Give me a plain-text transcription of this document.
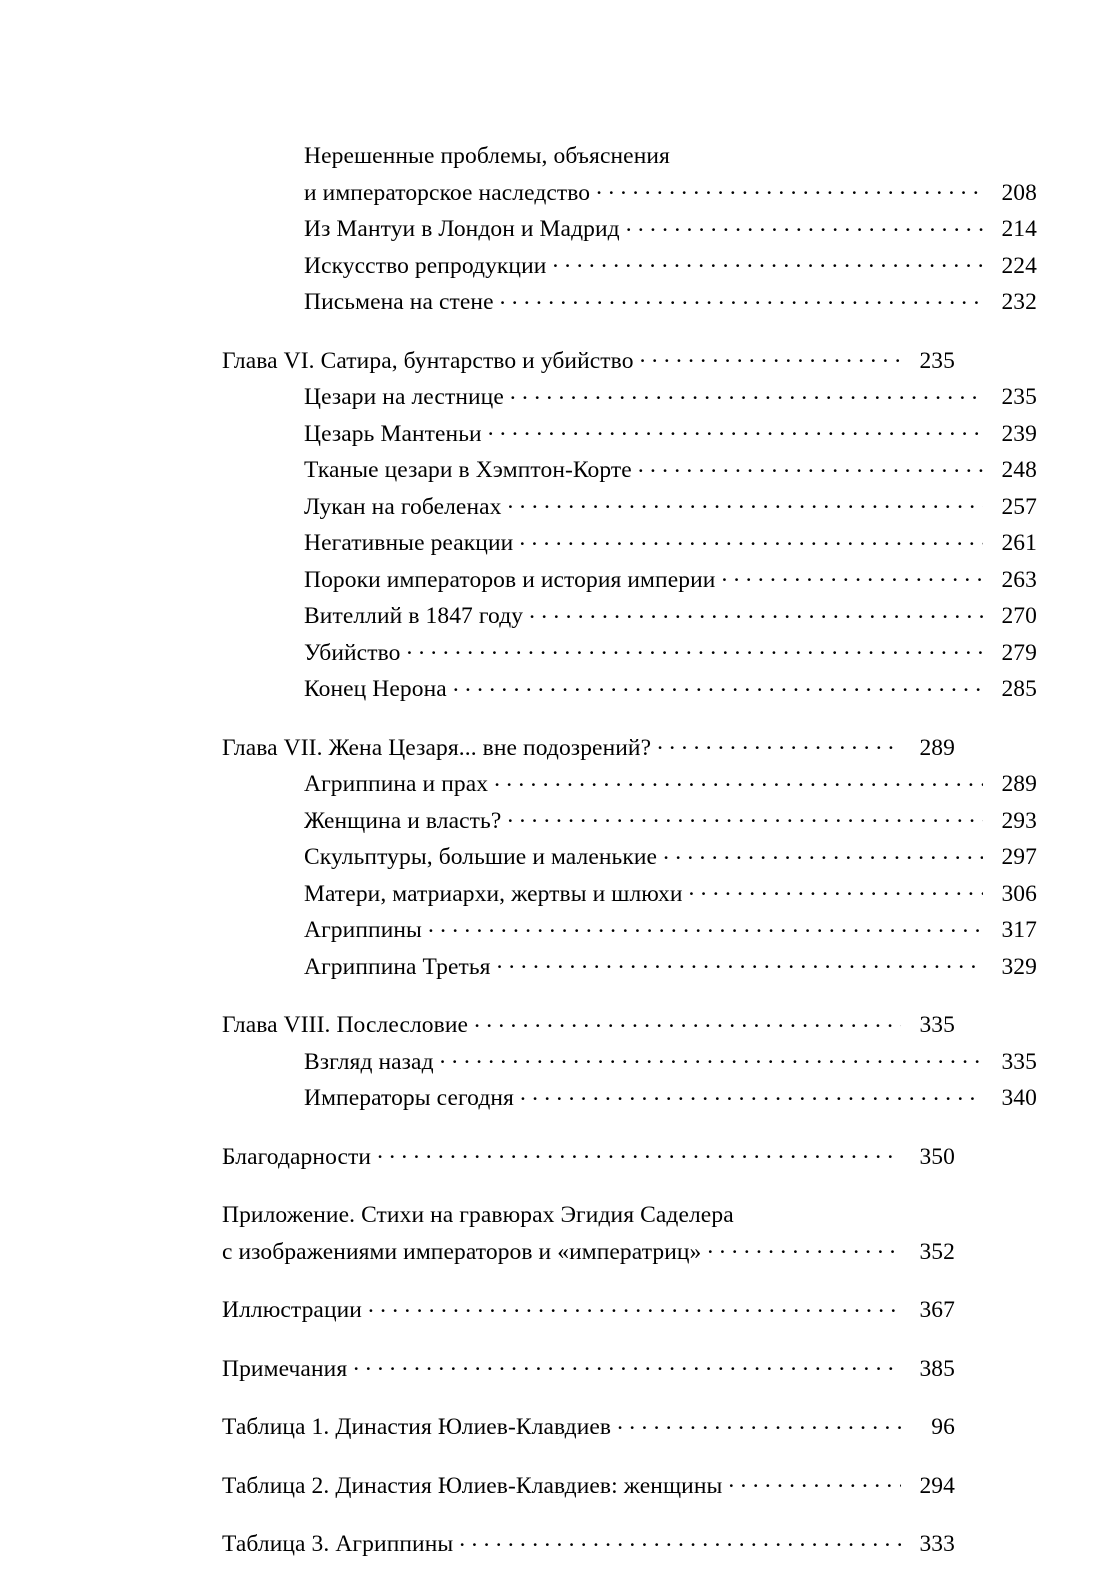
Нерешенные проблемы, объяснения
и императорское наследство . . .	208
Из Мантуи в Лондон и Мадрид . . .	214
Искусство репродукции . . .	224
Письмена на стене . . .	232
Глава VI. Сатира, бунтарство и убийство . . .	235
Цезари на лестнице . . .	235
Цезарь Мантеньи . . .	239
Тканые цезари в Хэмптон-Корте . . .	248
Лукан на гобеленах . . .	257
Негативные реакции . . .	261
Пороки императоров и история империи . . .	263
Вителлий в 1847 году . . .	270
Убийство . . .	279
Конец Нерона . . .	285
Глава VII. Жена Цезаря... вне подозрений? . . .	289
Агриппина и прах . . .	289
Женщина и власть? . . .	293
Скульптуры, большие и маленькие . . .	297
Матери, матриархи, жертвы и шлюхи . . .	306
Агриппины . . .	317
Агриппина Третья . . .	329
Глава VIII. Послесловие . . .	335
Взгляд назад . . .	335
Императоры сегодня . . .	340
Благодарности . . .	350
Приложение. Стихи на гравюрах Эгидия Саделера
с изображениями императоров и «императриц» . . .	352
Иллюстрации . . .	367
Примечания . . .	385
Таблица 1. Династия Юлиев-Клавдиев . . .	96
Таблица 2. Династия Юлиев-Клавдиев: женщины . . .	294
Таблица 3. Агриппины . . .	333
